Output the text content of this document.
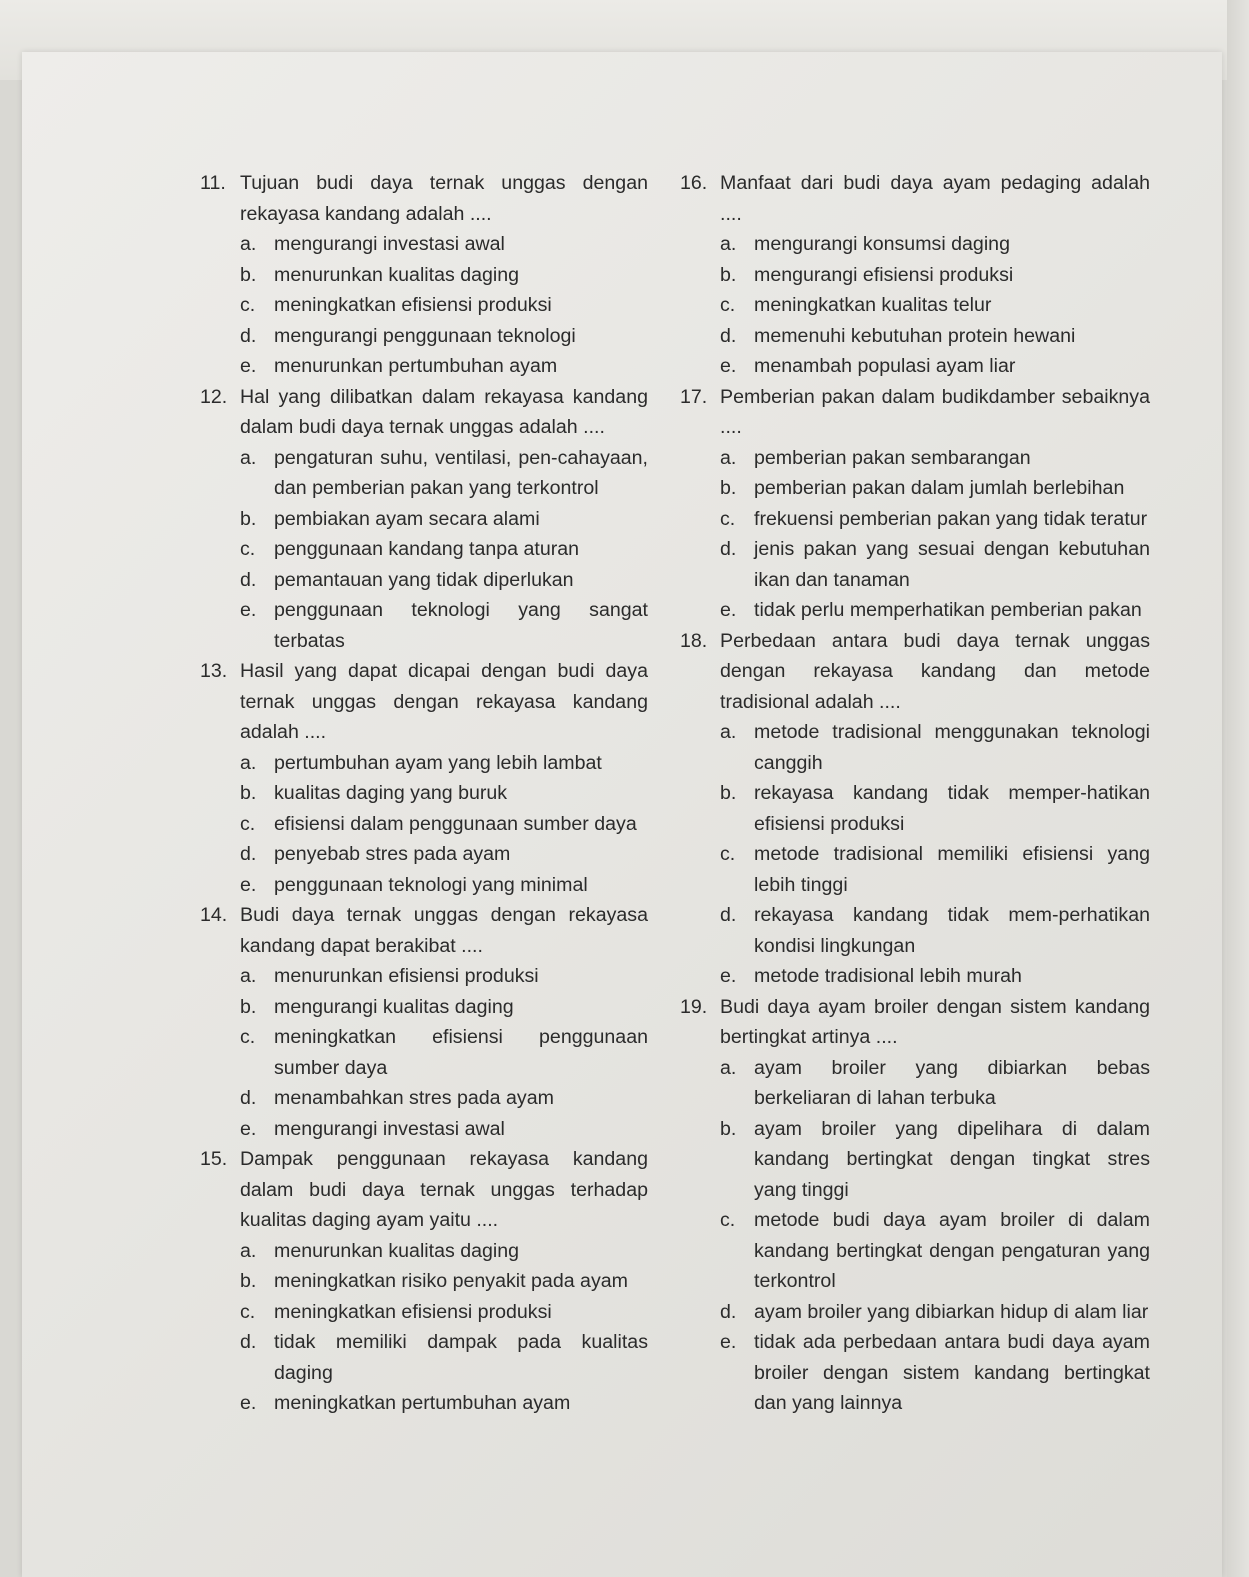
11. Tujuan budi daya ternak unggas dengan rekayasa kandang adalah ....
a. mengurangi investasi awal
b. menurunkan kualitas daging
c. meningkatkan efisiensi produksi
d. mengurangi penggunaan teknologi
e. menurunkan pertumbuhan ayam
12. Hal yang dilibatkan dalam rekayasa kandang dalam budi daya ternak unggas adalah ....
a. pengaturan suhu, ventilasi, pen-cahayaan, dan pemberian pakan yang terkontrol
b. pembiakan ayam secara alami
c. penggunaan kandang tanpa aturan
d. pemantauan yang tidak diperlukan
e. penggunaan teknologi yang sangat terbatas
13. Hasil yang dapat dicapai dengan budi daya ternak unggas dengan rekayasa kandang adalah ....
a. pertumbuhan ayam yang lebih lambat
b. kualitas daging yang buruk
c. efisiensi dalam penggunaan sumber daya
d. penyebab stres pada ayam
e. penggunaan teknologi yang minimal
14. Budi daya ternak unggas dengan rekayasa kandang dapat berakibat ....
a. menurunkan efisiensi produksi
b. mengurangi kualitas daging
c. meningkatkan efisiensi penggunaan sumber daya
d. menambahkan stres pada ayam
e. mengurangi investasi awal
15. Dampak penggunaan rekayasa kandang dalam budi daya ternak unggas terhadap kualitas daging ayam yaitu ....
a. menurunkan kualitas daging
b. meningkatkan risiko penyakit pada ayam
c. meningkatkan efisiensi produksi
d. tidak memiliki dampak pada kualitas daging
e. meningkatkan pertumbuhan ayam
16. Manfaat dari budi daya ayam pedaging adalah ....
a. mengurangi konsumsi daging
b. mengurangi efisiensi produksi
c. meningkatkan kualitas telur
d. memenuhi kebutuhan protein hewani
e. menambah populasi ayam liar
17. Pemberian pakan dalam budikdamber sebaiknya ....
a. pemberian pakan sembarangan
b. pemberian pakan dalam jumlah berlebihan
c. frekuensi pemberian pakan yang tidak teratur
d. jenis pakan yang sesuai dengan kebutuhan ikan dan tanaman
e. tidak perlu memperhatikan pemberian pakan
18. Perbedaan antara budi daya ternak unggas dengan rekayasa kandang dan metode tradisional adalah ....
a. metode tradisional menggunakan teknologi canggih
b. rekayasa kandang tidak memper-hatikan efisiensi produksi
c. metode tradisional memiliki efisiensi yang lebih tinggi
d. rekayasa kandang tidak mem-perhatikan kondisi lingkungan
e. metode tradisional lebih murah
19. Budi daya ayam broiler dengan sistem kandang bertingkat artinya ....
a. ayam broiler yang dibiarkan bebas berkeliaran di lahan terbuka
b. ayam broiler yang dipelihara di dalam kandang bertingkat dengan tingkat stres yang tinggi
c. metode budi daya ayam broiler di dalam kandang bertingkat dengan pengaturan yang terkontrol
d. ayam broiler yang dibiarkan hidup di alam liar
e. tidak ada perbedaan antara budi daya ayam broiler dengan sistem kandang bertingkat dan yang lainnya
